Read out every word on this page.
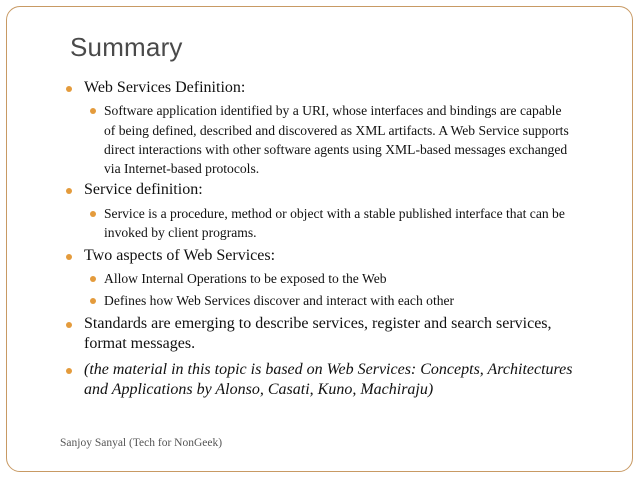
Summary
Web Services Definition:
Software application identified by a URI, whose interfaces and bindings are capable
of being defined, described and discovered as XML artifacts. A Web Service supports
direct interactions with other software agents using XML-based messages exchanged
via Internet-based protocols.
Service definition:
Service is a procedure, method or object with a stable published interface that can be
invoked by client programs.
Two aspects of Web Services:
Allow Internal Operations to be exposed to the Web
Defines how Web Services discover and interact with each other
Standards are emerging to describe services, register and search services,
format messages.
(the material in this topic is based on Web Services: Concepts, Architectures
and Applications by Alonso, Casati, Kuno, Machiraju)
Sanjoy Sanyal (Tech for NonGeek)
